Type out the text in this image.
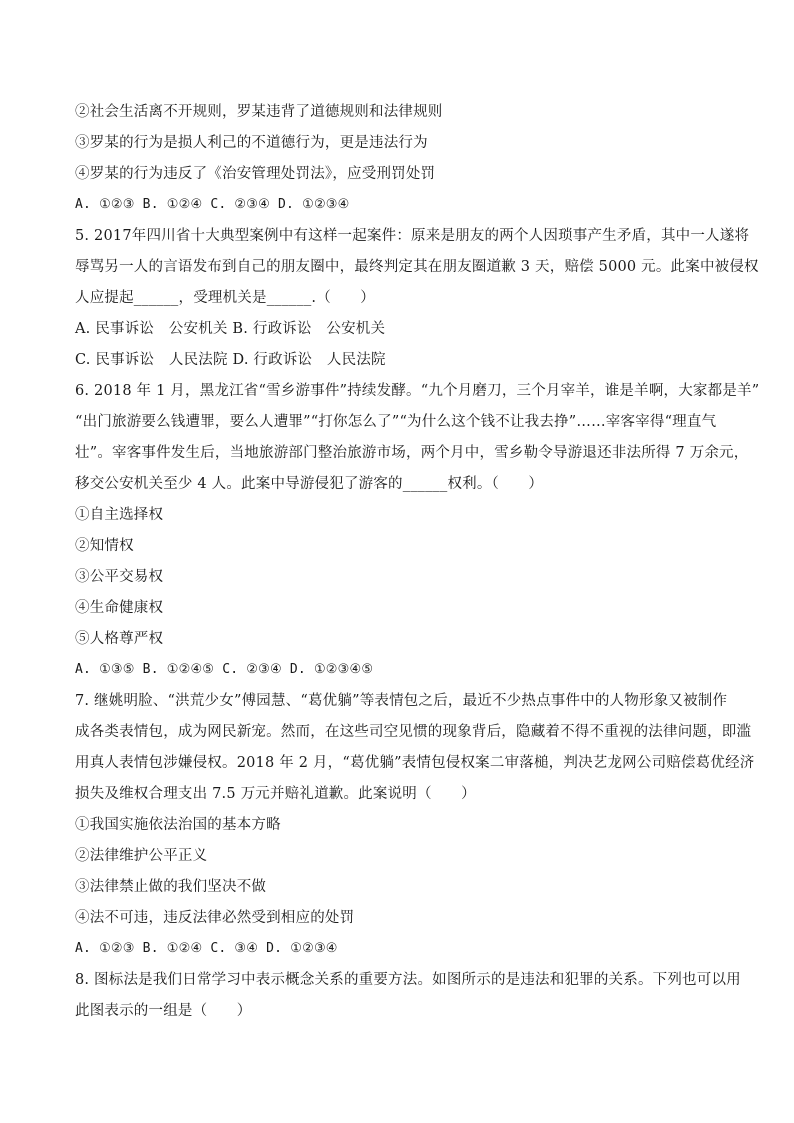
②社会生活离不开规则，罗某违背了道德规则和法律规则
③罗某的行为是损人利己的不道德行为，更是违法行为
④罗某的行为违反了《治安管理处罚法》，应受刑罚处罚
A. ①②③ B. ①②④ C. ②③④ D. ①②③④
5. 2017年四川省十大典型案例中有这样一起案件：原来是朋友的两个人因琐事产生矛盾，其中一人遂将
辱骂另一人的言语发布到自己的朋友圈中，最终判定其在朋友圈道歉 3 天，赔偿 5000 元。此案中被侵权
人应提起______，受理机关是______.（　　）
A. 民事诉讼　公安机关 B. 行政诉讼　公安机关
C. 民事诉讼　人民法院 D. 行政诉讼　人民法院
6. 2018 年 1 月，黑龙江省“雪乡游事件”持续发酵。“九个月磨刀，三个月宰羊，谁是羊啊，大家都是羊”
“出门旅游要么钱遭罪，要么人遭罪”“打你怎么了”“为什么这个钱不让我去挣”……宰客宰得“理直气
壮”。宰客事件发生后，当地旅游部门整治旅游市场，两个月中，雪乡勒令导游退还非法所得 7 万余元，
移交公安机关至少 4 人。此案中导游侵犯了游客的______权利。（　　）
①自主选择权
②知情权
③公平交易权
④生命健康权
⑤人格尊严权
A. ①③⑤ B. ①②④⑤ C. ②③④ D. ①②③④⑤
7. 继姚明脸、“洪荒少女”傅园慧、“葛优躺”等表情包之后，最近不少热点事件中的人物形象又被制作
成各类表情包，成为网民新宠。然而，在这些司空见惯的现象背后，隐藏着不得不重视的法律问题，即滥
用真人表情包涉嫌侵权。2018 年 2 月，“葛优躺”表情包侵权案二审落槌，判决艺龙网公司赔偿葛优经济
损失及维权合理支出 7.5 万元并赔礼道歉。此案说明（　　）
①我国实施依法治国的基本方略
②法律维护公平正义
③法律禁止做的我们坚决不做
④法不可违，违反法律必然受到相应的处罚
A. ①②③ B. ①②④ C. ③④ D. ①②③④
8. 图标法是我们日常学习中表示概念关系的重要方法。如图所示的是违法和犯罪的关系。下列也可以用
此图表示的一组是（　　）
